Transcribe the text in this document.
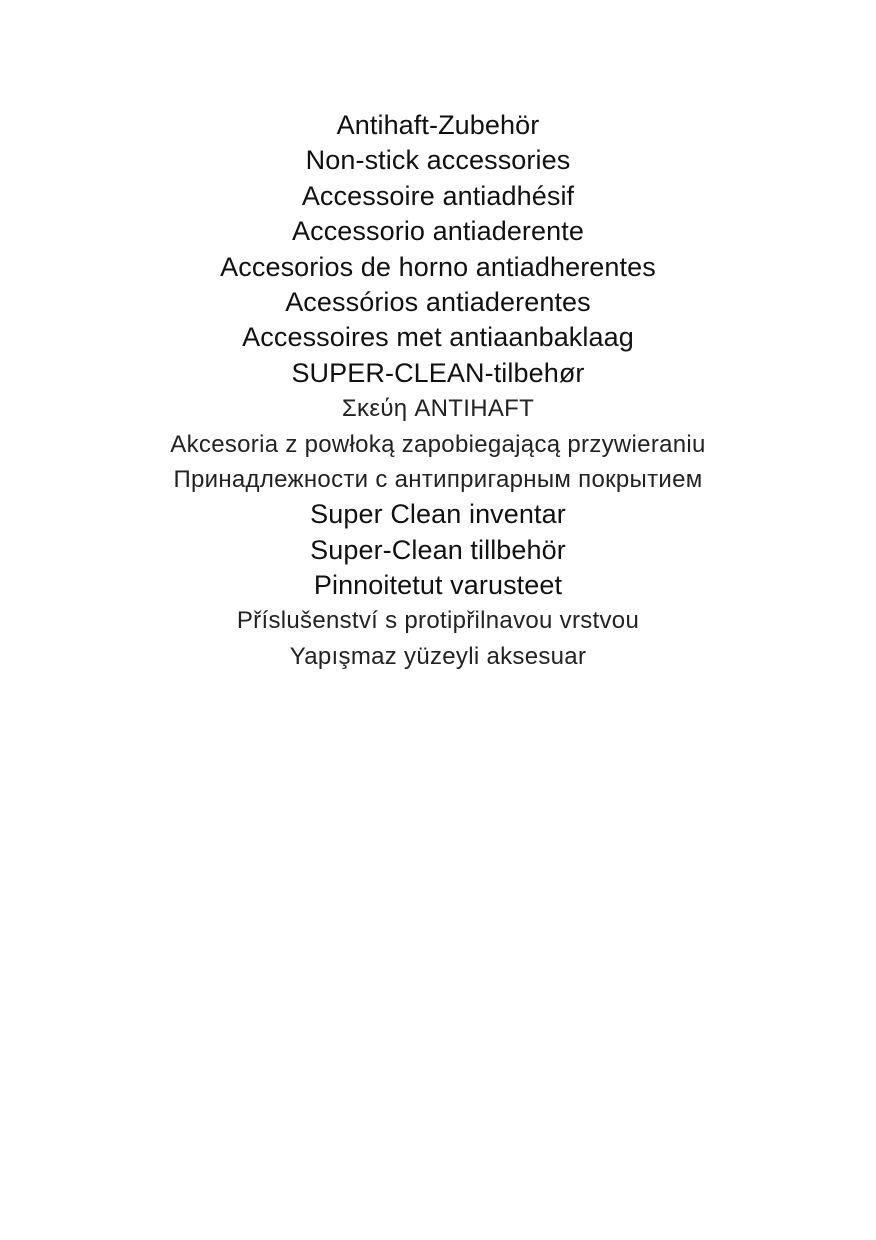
Antihaft-Zubehör
Non-stick accessories
Accessoire antiadhésif
Accessorio antiaderente
Accesorios de horno antiadherentes
Acessórios antiaderentes
Accessoires met antiaanbaklaag
SUPER-CLEAN-tilbehør
Σκεύη ANTIHAFT
Akcesoria z powłoką zapobiegającą przywieraniu
Принадлежности с антипригарным покрытием
Super Clean inventar
Super-Clean tillbehör
Pinnoitetut varusteet
Příslušenství s protipřilnavou vrstvou
Yapışmaz yüzeyli aksesuar
